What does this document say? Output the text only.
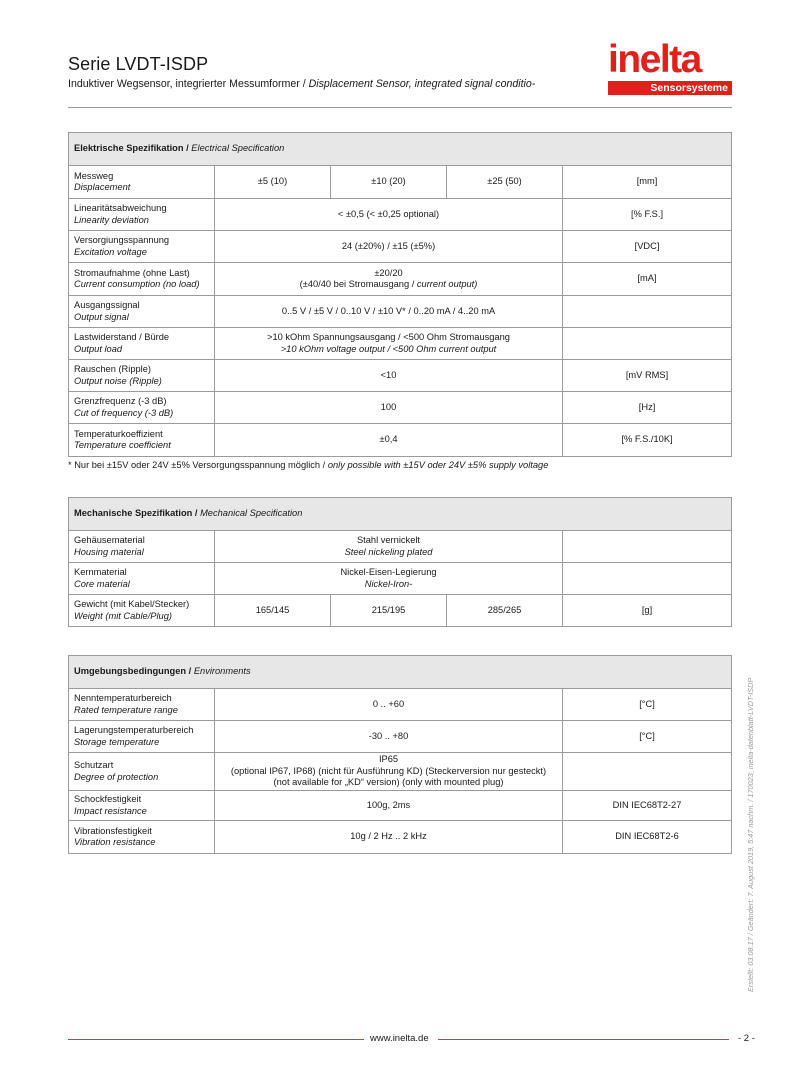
Serie LVDT-ISDP
Induktiver Wegsensor, integrierter Messumformer / Displacement Sensor, integrated signal conditio-
inelta
Sensorsysteme
Elektrische Spezifikation / Electrical Specification				

Messweg
Displacement	±5 (10)	±10 (20)	±25 (50)	[mm]

Linearitätsabweichung
Linearity deviation	< ±0,5 (< ±0,25 optional)			[% F.S.]

Versorgiungsspannung
Excitation voltage	24 (±20%) / ±15 (±5%)			[VDC]

Stromaufnahme (ohne Last)
Current consumption (no load)	±20/20
(±40/40 bei Stromausgang / current output)			[mA]

Ausgangssignal
Output signal	0..5 V / ±5 V / 0..10 V / ±10 V* / 0..20 mA / 4..20 mA			

Lastwiderstand / Bürde
Output load	>10 kOhm Spannungsausgang / <500 Ohm Stromausgang
>10 kOhm voltage output / <500 Ohm current output			

Rauschen (Ripple)
Output noise (Ripple)	<10			[mV RMS]

Grenzfrequenz (-3 dB)
Cut of frequency (-3 dB)	100			[Hz]

Temperaturkoeffizient
Temperature coefficient	±0,4			[% F.S./10K]
* Nur bei ±15V oder 24V ±5% Versorgungsspannung möglich / only possible with ±15V oder 24V ±5% supply voltage
Mechanische Spezifikation / Mechanical Specification				

Gehäusematerial
Housing material	Stahl vernickelt
Steel nickeling plated			

Kernmaterial
Core material	Nickel-Eisen-Legierung
Nickel-Iron-			

Gewicht (mit Kabel/Stecker)
Weight (mit Cable/Plug)	165/145	215/195	285/265	[g]
Umgebungsbedingungen / Environments		

Nenntemperaturbereich
Rated temperature range	0 .. +60	[°C]

Lagerungstemperaturbereich
Storage temperature	-30 .. +80	[°C]

Schutzart
Degree of protection	IP65
(optional IP67, IP68) (nicht für Ausführung KD) (Steckerversion nur gesteckt)
(not available for „KD“ version) (only with mounted plug)	

Schockfestigkeit
Impact resistance	100g, 2ms	DIN IEC68T2-27

Vibrationsfestigkeit
Vibration resistance	10g / 2 Hz .. 2 kHz	DIN IEC68T2-6	Erstellt: 03.08.17 / Geändert: 7. August 2019, 5:47 nachm. / 170023_inelta-datenblatt-LVDT-ISDP
www.inelta.de	- 2 -
